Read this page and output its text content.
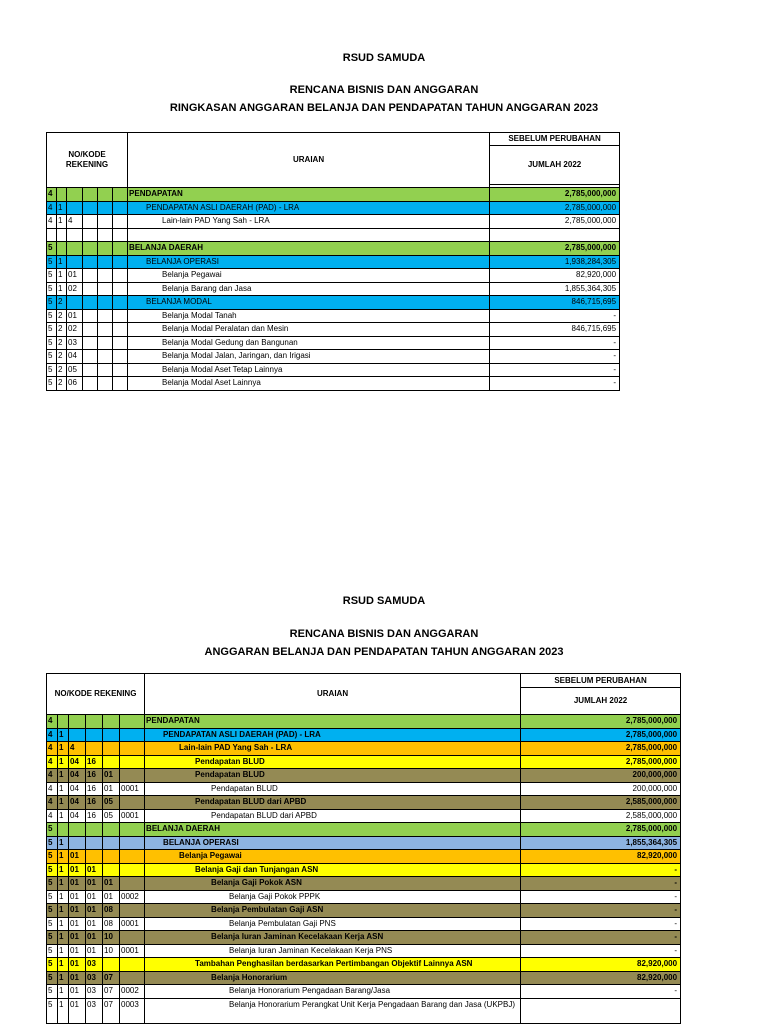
RSUD SAMUDA
RENCANA BISNIS DAN ANGGARAN
RINGKASAN ANGGARAN BELANJA DAN PENDAPATAN TAHUN ANGGARAN 2023
NO/KODE REKENING						URAIAN	SEBELUM PERUBAHAN
							JUMLAH 2022

4						PENDAPATAN	2,785,000,000
4	1					PENDAPATAN ASLI DAERAH (PAD) - LRA	2,785,000,000
4	1	4				Lain-lain PAD Yang Sah - LRA	2,785,000,000

5						BELANJA DAERAH	2,785,000,000
5	1					BELANJA OPERASI	1,938,284,305
5	1	01				Belanja Pegawai	82,920,000
5	1	02				Belanja Barang dan Jasa	1,855,364,305
5	2					BELANJA MODAL	846,715,695
5	2	01				Belanja Modal Tanah	-
5	2	02				Belanja Modal Peralatan dan Mesin	846,715,695
5	2	03				Belanja Modal Gedung dan Bangunan	-
5	2	04				Belanja Modal Jalan, Jaringan, dan Irigasi	-
5	2	05				Belanja Modal Aset Tetap Lainnya	-
5	2	06				Belanja Modal Aset Lainnya	-
RSUD SAMUDA
RENCANA BISNIS DAN ANGGARAN
ANGGARAN BELANJA DAN PENDAPATAN TAHUN ANGGARAN 2023
NO/KODE REKENING						URAIAN	SEBELUM PERUBAHAN
							JUMLAH 2022
4						PENDAPATAN	2,785,000,000
4	1					PENDAPATAN ASLI DAERAH (PAD) - LRA	2,785,000,000
4	1	4				Lain-lain PAD Yang Sah - LRA	2,785,000,000
4	1	04	16			Pendapatan BLUD	2,785,000,000
4	1	04	16	01		Pendapatan BLUD	200,000,000
4	1	04	16	01	0001	Pendapatan BLUD	200,000,000
4	1	04	16	05		Pendapatan BLUD dari APBD	2,585,000,000
4	1	04	16	05	0001	Pendapatan BLUD dari APBD	2,585,000,000
5						BELANJA DAERAH	2,785,000,000
5	1					BELANJA OPERASI	1,855,364,305
5	1	01				Belanja Pegawai	82,920,000
5	1	01	01			Belanja Gaji dan Tunjangan ASN	-
5	1	01	01	01		Belanja Gaji Pokok ASN	-
5	1	01	01	01	0002	Belanja Gaji Pokok PPPK	-
5	1	01	01	08		Belanja Pembulatan Gaji ASN	-
5	1	01	01	08	0001	Belanja Pembulatan Gaji PNS	-
5	1	01	01	10		Belanja Iuran Jaminan Kecelakaan Kerja ASN	-
5	1	01	01	10	0001	Belanja Iuran Jaminan Kecelakaan Kerja PNS	-
5	1	01	03			Tambahan Penghasilan berdasarkan Pertimbangan Objektif Lainnya ASN	82,920,000
5	1	01	03	07		Belanja Honorarium	82,920,000
5	1	01	03	07	0002	Belanja Honorarium Pengadaan Barang/Jasa	-
5	1	01	03	07	0003	Belanja Honorarium Perangkat Unit Kerja Pengadaan Barang dan Jasa (UKPBJ)	
